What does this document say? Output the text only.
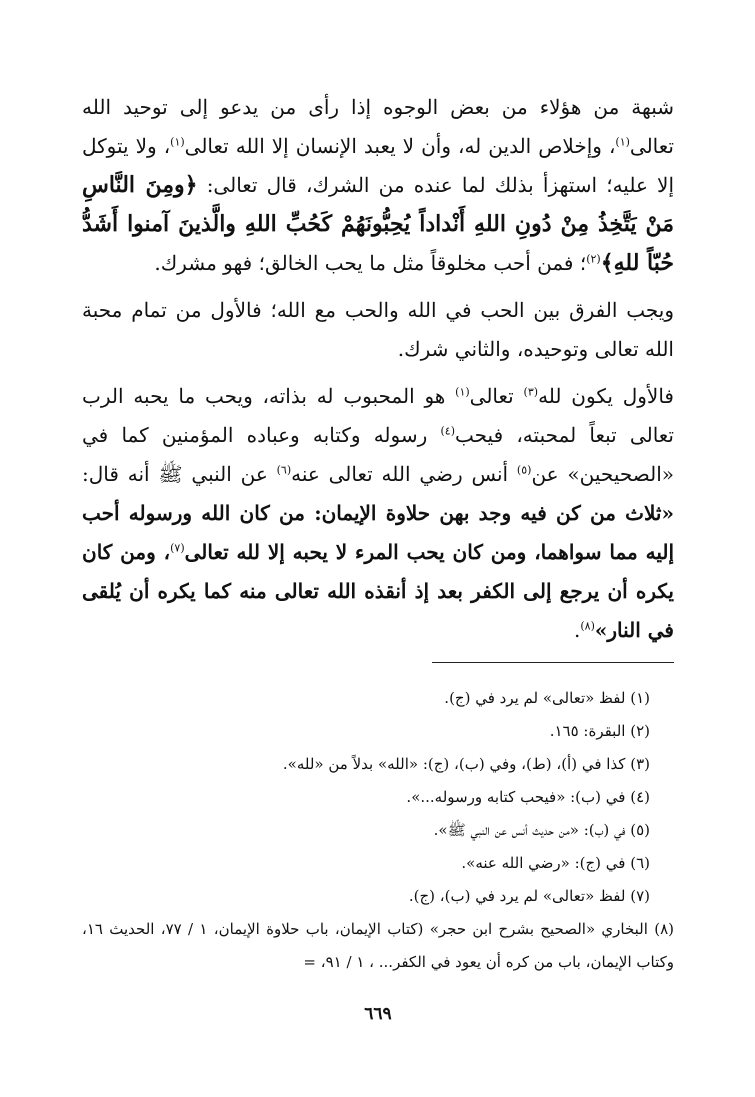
شبهة من هؤلاء من بعض الوجوه إذا رأى من يدعو إلى توحيد الله تعالى$^{(١)}$، وإخلاص الدين له، وأن لا يعبد الإنسان إلا الله تعالى$^{(١)}$، ولا يتوكل إلا عليه؛ استهزأ بذلك لما عنده من الشرك، قال تعالى: ﴿ومِنَ النَّاسِ مَنْ يَتَّخِذُ مِنْ دُونِ اللهِ أَنْداداً يُحِبُّونَهُمْ كَحُبِّ اللهِ والَّذينَ آمنوا أَشَدُّ حُبّاً للهِ﴾$^{(٢)}$؛ فمن أحب مخلوقاً مثل ما يحب الخالق؛ فهو مشرك.

ويجب الفرق بين الحب في الله والحب مع الله؛ فالأول من تمام محبة الله تعالى وتوحيده، والثاني شرك.

فالأول يكون لله$^{(٣)}$ تعالى$^{(١)}$ هو المحبوب له بذاته، ويحب ما يحبه الرب تعالى تبعاً لمحبته، فيحب$^{(٤)}$ رسوله وكتابه وعباده المؤمنين كما في «الصحيحين» عن$^{(٥)}$ أنس رضي الله تعالى عنه$^{(٦)}$ عن النبي ﷺ أنه قال: «ثلاث من كن فيه وجد بهن حلاوة الإيمان: من كان الله ورسوله أحب إليه مما سواهما، ومن كان يحب المرء لا يحبه إلا لله تعالى$^{(٧)}$، ومن كان يكره أن يرجع إلى الكفر بعد إذ أنقذه الله تعالى منه كما يكره أن يُلقى في النار»$^{(٨)}$.

(١) لفظ «تعالى» لم يرد في (ج).

(٢) البقرة: ١٦٥.

(٣) كذا في (أ)، (ط)، وفي (ب)، (ج): «الله» بدلاً من «لله».

(٤) في (ب): «فيحب كتابه ورسوله...».

(٥) في (ب): «من حديث أنس عن النبي ﷺ».

(٦) في (ج): «رضي الله عنه».

(٧) لفظ «تعالى» لم يرد في (ب)، (ج).

(٨) البخاري «الصحيح بشرح ابن حجر» (كتاب الإيمان، باب حلاوة الإيمان، ١ / ٧٧، الحديث ١٦، وكتاب الإيمان، باب من كره أن يعود في الكفر... ، ١ / ٩١، =

٦٦٩
